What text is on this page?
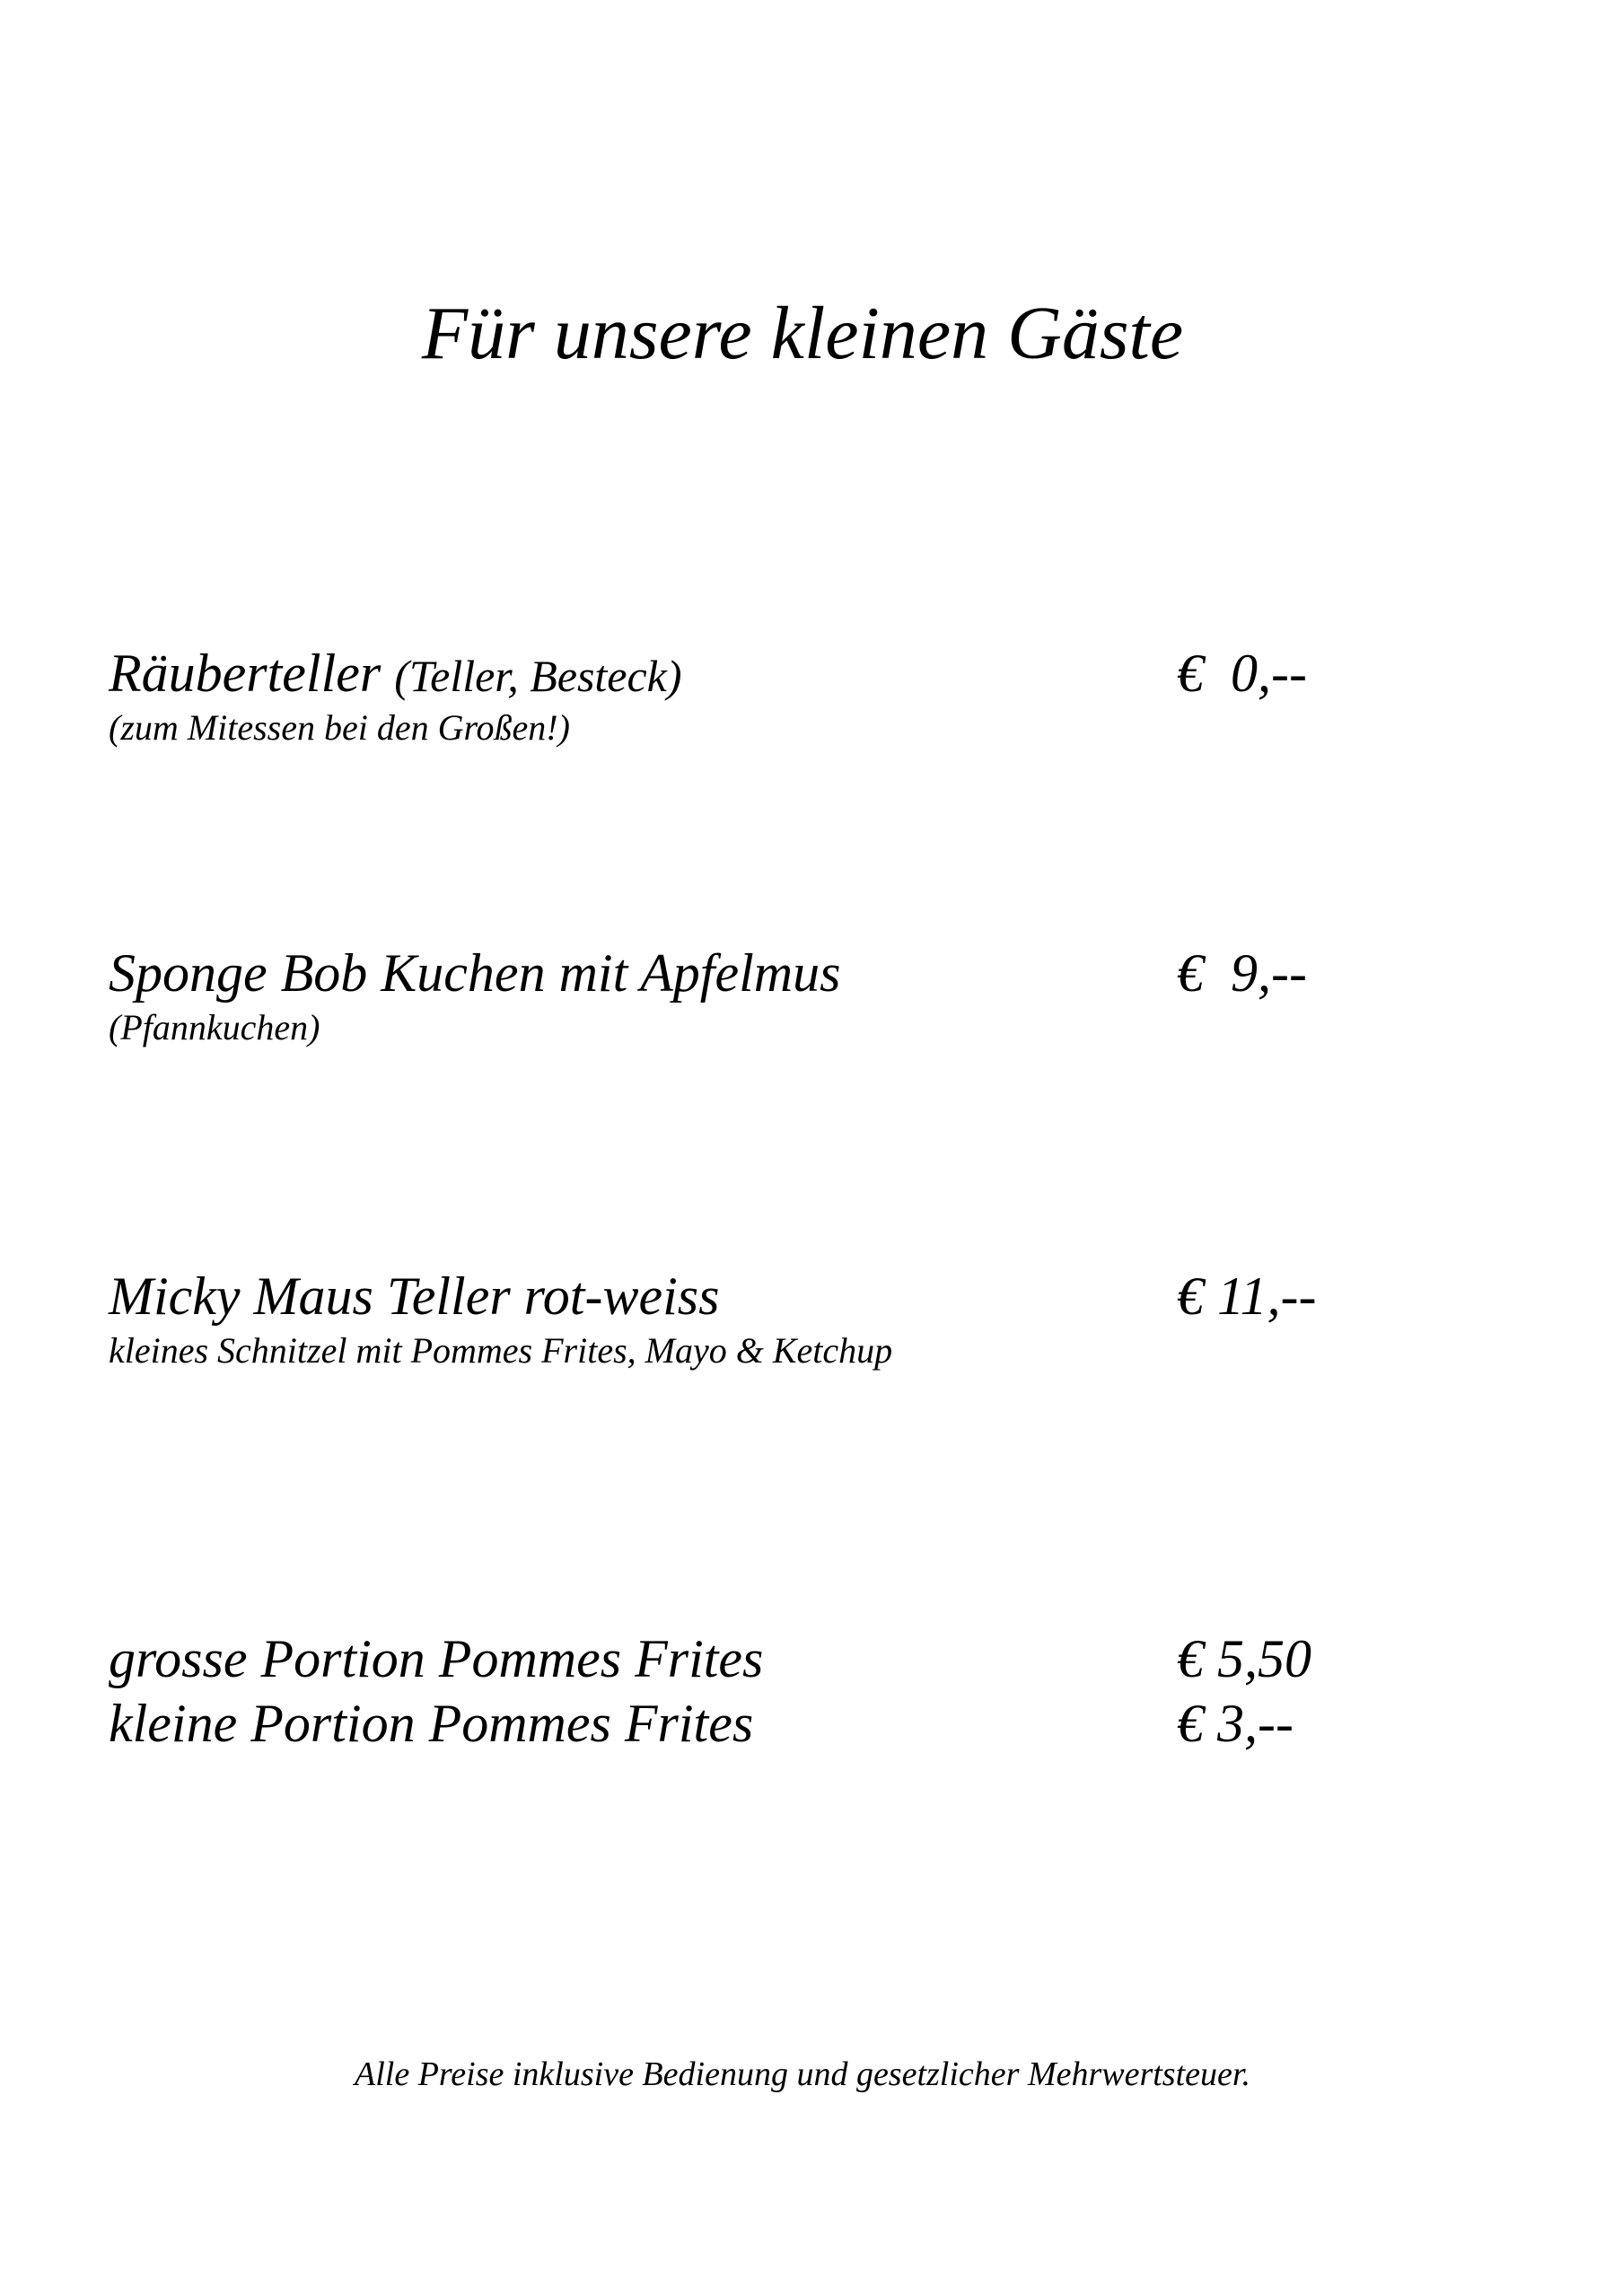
Für unsere kleinen Gäste
Räuberteller (Teller, Besteck)
(zum Mitessen bei den Großen!)
€  0,--
Sponge Bob Kuchen mit Apfelmus
(Pfannkuchen)
€  9,--
Micky Maus Teller rot-weiss
kleines Schnitzel mit Pommes Frites, Mayo & Ketchup
€ 11,--
grosse Portion Pommes Frites	€ 5,50
kleine Portion Pommes Frites	€ 3,--
Alle Preise inklusive Bedienung und gesetzlicher Mehrwertsteuer.
